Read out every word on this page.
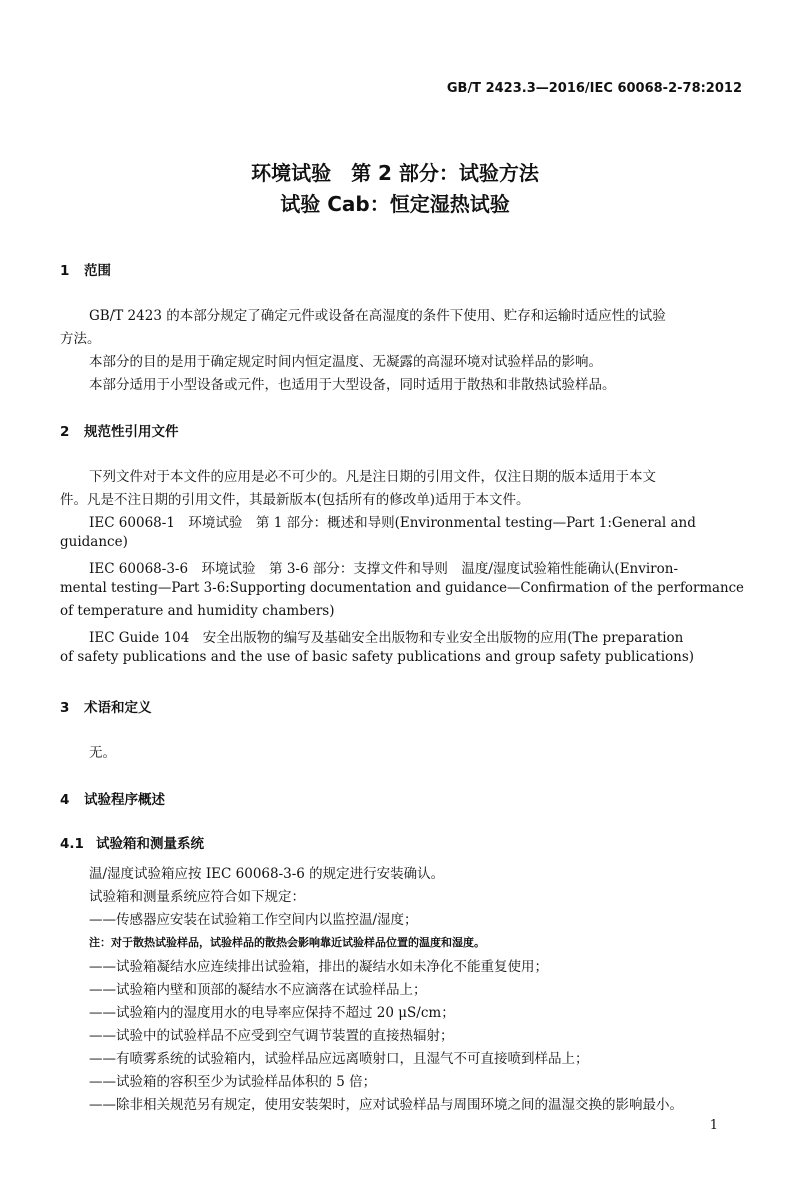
GB/T 2423.3—2016/IEC 60068-2-78:2012
环境试验　第 2 部分：试验方法
试验 Cab：恒定湿热试验
1 范围
GB/T 2423 的本部分规定了确定元件或设备在高湿度的条件下使用、贮存和运输时适应性的试验
方法。
本部分的目的是用于确定规定时间内恒定温度、无凝露的高湿环境对试验样品的影响。
本部分适用于小型设备或元件，也适用于大型设备，同时适用于散热和非散热试验样品。
2 规范性引用文件
下列文件对于本文件的应用是必不可少的。凡是注日期的引用文件，仅注日期的版本适用于本文
件。凡是不注日期的引用文件，其最新版本(包括所有的修改单)适用于本文件。
IEC 60068-1　环境试验　第 1 部分：概述和导则(Environmental testing—Part 1:General and
guidance)
IEC 60068-3-6　环境试验　第 3-6 部分：支撑文件和导则　温度/湿度试验箱性能确认(Environ-
mental testing—Part 3-6:Supporting documentation and guidance—Confirmation of the performance
of temperature and humidity chambers)
IEC Guide 104　安全出版物的编写及基础安全出版物和专业安全出版物的应用(The preparation
of safety publications and the use of basic safety publications and group safety publications)
3 术语和定义
无。
4 试验程序概述
4.1 试验箱和测量系统
温/湿度试验箱应按 IEC 60068-3-6 的规定进行安装确认。
试验箱和测量系统应符合如下规定：
——传感器应安装在试验箱工作空间内以监控温/湿度；
注：对于散热试验样品，试验样品的散热会影响靠近试验样品位置的温度和湿度。
——试验箱凝结水应连续排出试验箱，排出的凝结水如未净化不能重复使用；
——试验箱内壁和顶部的凝结水不应滴落在试验样品上；
——试验箱内的湿度用水的电导率应保持不超过 20 μS/cm；
——试验中的试验样品不应受到空气调节装置的直接热辐射；
——有喷雾系统的试验箱内，试验样品应远离喷射口，且湿气不可直接喷到样品上；
——试验箱的容积至少为试验样品体积的 5 倍；
——除非相关规范另有规定，使用安装架时，应对试验样品与周围环境之间的温湿交换的影响最小。
1
